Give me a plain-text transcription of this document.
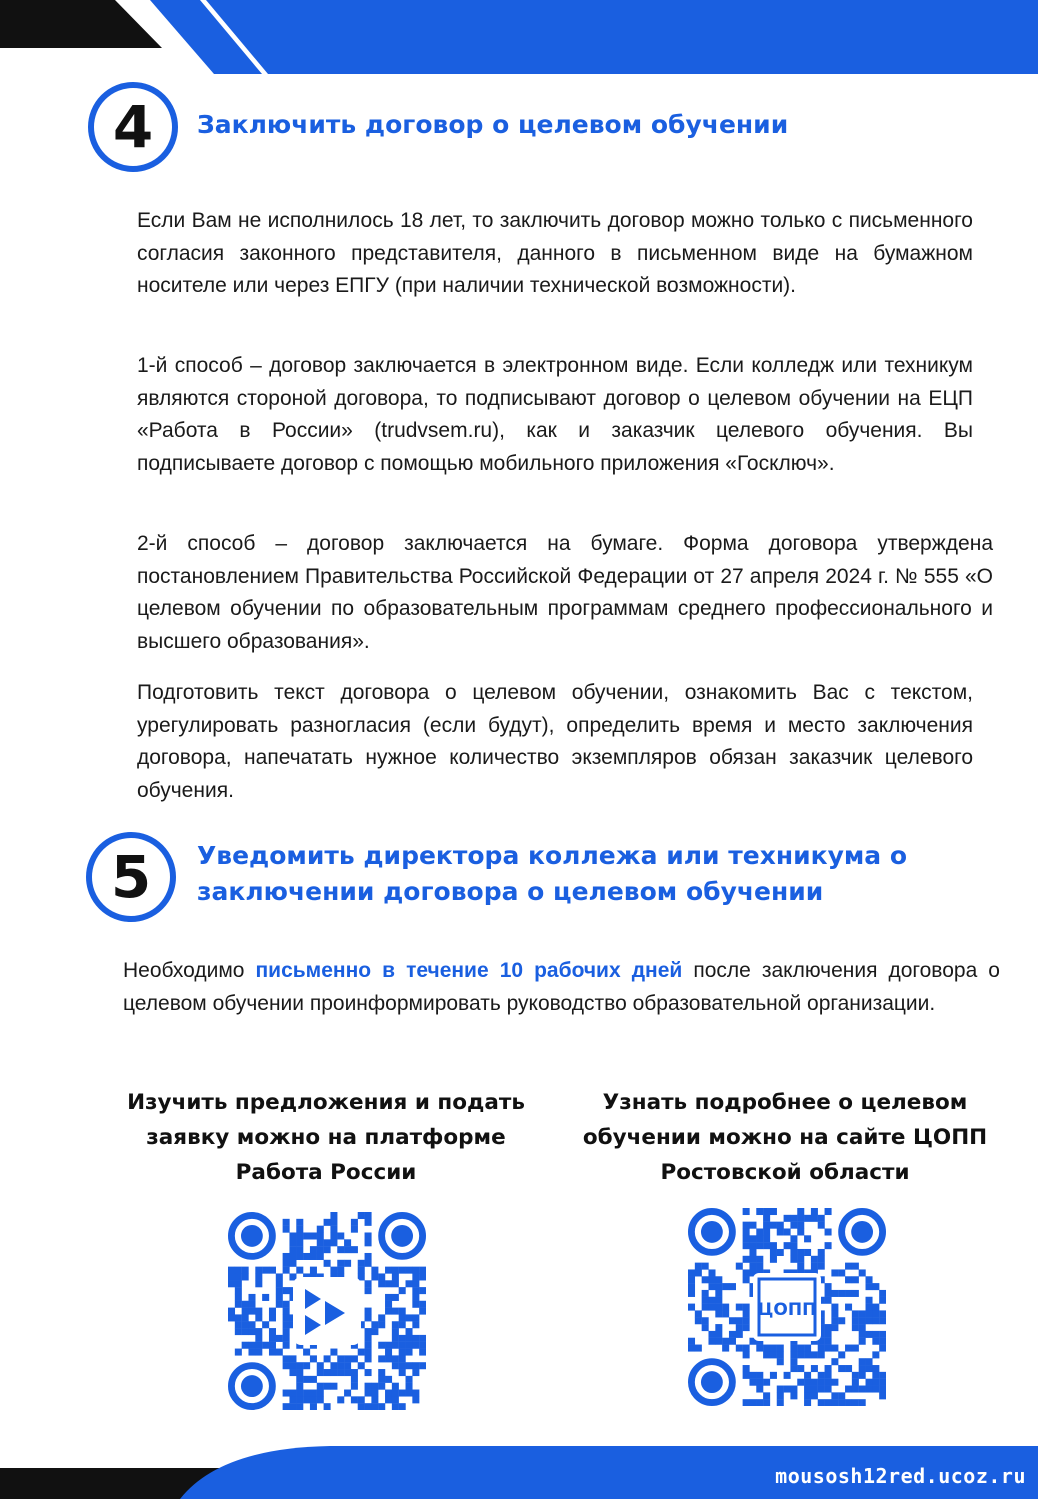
4	Заключить договор о целевом обучении

Если Вам не исполнилось 18 лет, то заключить договор можно только с письменного согласия законного представителя, данного в письменном виде на бумажном носителе или через ЕПГУ (при наличии технической возможности).

1-й способ – договор заключается в электронном виде. Если колледж или техникум являются стороной договора, то подписывают договор о целевом обучении на ЕЦП «Работа в России» (trudvsem.ru), как и заказчик целевого обучения. Вы подписываете договор с помощью мобильного приложения «Госключ».

2-й способ – договор заключается на бумаге. Форма договора утверждена постановлением Правительства Российской Федерации от 27 апреля 2024 г. № 555 «О целевом обучении по образовательным программам среднего профессионального и высшего образования».

Подготовить текст договора о целевом обучении, ознакомить Вас с текстом, урегулировать разногласия (если будут), определить время и место заключения договора, напечатать нужное количество экземпляров обязан заказчик целевого обучения.

5	Уведомить директора коллежа или техникума о заключении договора о целевом обучении

Необходимо письменно в течение 10 рабочих дней после заключения договора о целевом обучении проинформировать руководство образовательной организации.

Изучить предложения и подать заявку можно на платформе Работа России
Узнать подробнее о целевом обучении можно на сайте ЦОПП Ростовской области
ЦОПП
mousosh12red.ucoz.ru
